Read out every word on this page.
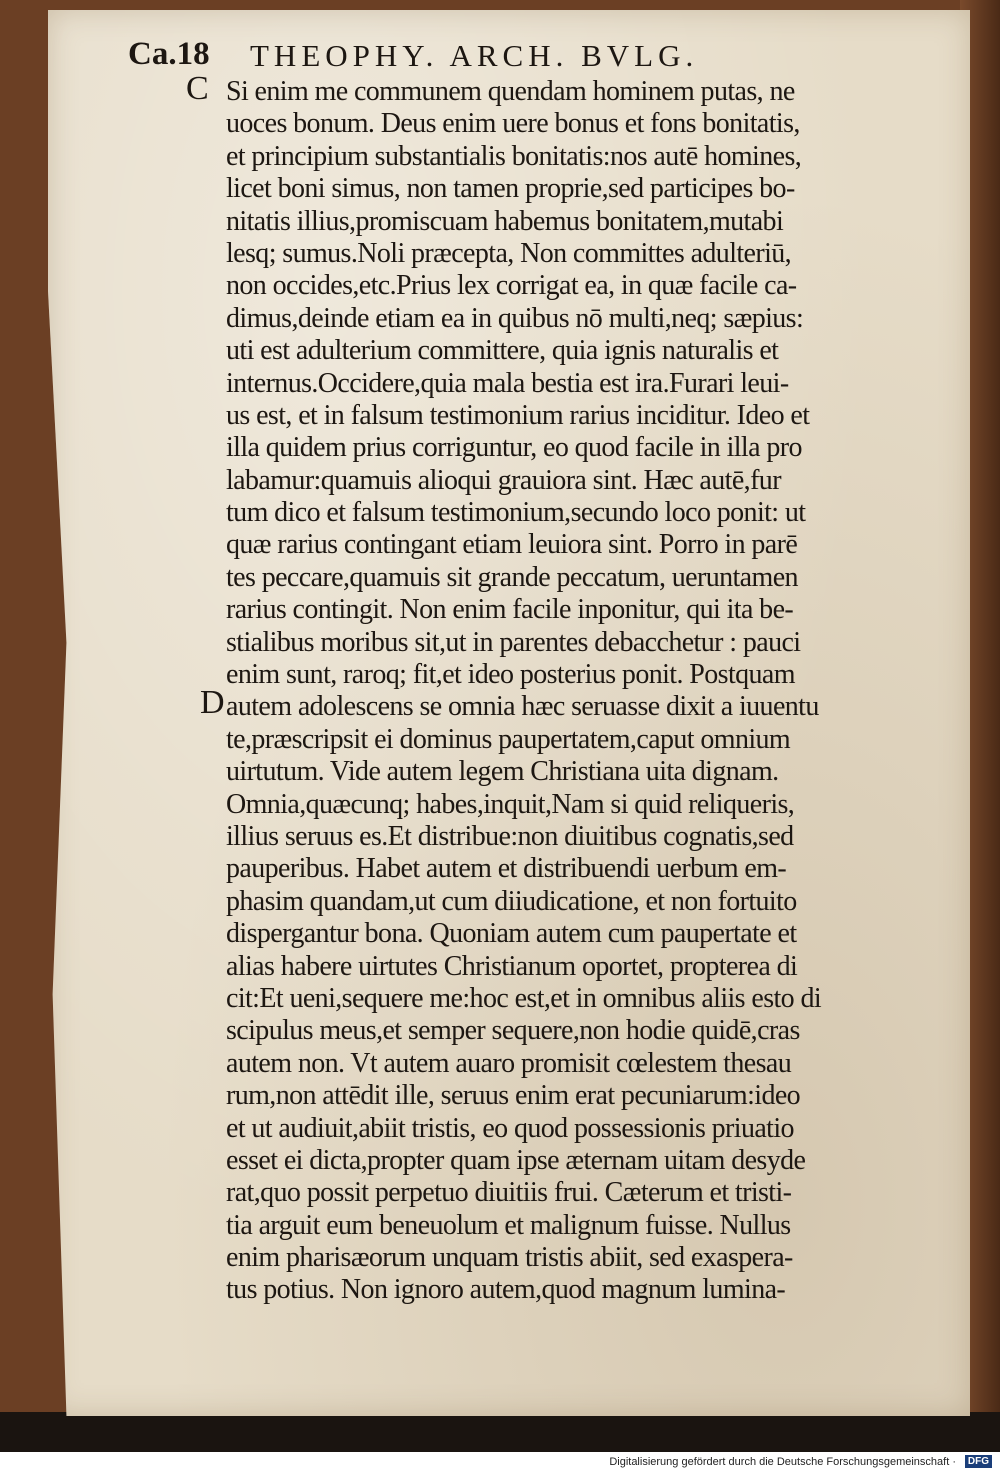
Ca.18 THEOPHY. ARCH. BVLG.
C
D
Si enim me communem quendam hominem putas, ne
uoces bonum. Deus enim uere bonus et fons bonitatis,
et principium substantialis bonitatis:nos autē homines,
licet boni simus, non tamen proprie,sed participes bo-
nitatis illius,promiscuam habemus bonitatem,mutabi
lesq; sumus.Noli præcepta, Non committes adulteriū,
non occides,etc.Prius lex corrigat ea, in quæ facile ca-
dimus,deinde etiam ea in quibus nō multi,neq; sæpius:
uti est adulterium committere, quia ignis naturalis et
internus.Occidere,quia mala bestia est ira.Furari leui-
us est, et in falsum testimonium rarius inciditur. Ideo et
illa quidem prius corriguntur, eo quod facile in illa pro
labamur:quamuis alioqui grauiora sint. Hæc autē,fur
tum dico et falsum testimonium,secundo loco ponit: ut
quæ rarius contingant etiam leuiora sint. Porro in parē
tes peccare,quamuis sit grande peccatum, ueruntamen
rarius contingit. Non enim facile inponitur, qui ita be-
stialibus moribus sit,ut in parentes debacchetur : pauci
enim sunt, raroq; fit,et ideo posterius ponit. Postquam
autem adolescens se omnia hæc seruasse dixit a iuuentu
te,præscripsit ei dominus paupertatem,caput omnium
uirtutum. Vide autem legem Christiana uita dignam.
Omnia,quæcunq; habes,inquit,Nam si quid reliqueris,
illius seruus es.Et distribue:non diuitibus cognatis,sed
pauperibus. Habet autem et distribuendi uerbum em-
phasim quandam,ut cum diiudicatione, et non fortuito
dispergantur bona. Quoniam autem cum paupertate et
alias habere uirtutes Christianum oportet, propterea di
cit:Et ueni,sequere me:hoc est,et in omnibus aliis esto di
scipulus meus,et semper sequere,non hodie quidē,cras
autem non. Vt autem auaro promisit cœlestem thesau
rum,non attēdit ille, seruus enim erat pecuniarum:ideo
et ut audiuit,abiit tristis, eo quod possessionis priuatio
esset ei dicta,propter quam ipse æternam uitam desyde
rat,quo possit perpetuo diuitiis frui. Cæterum et tristi-
tia arguit eum beneuolum et malignum fuisse. Nullus
enim pharisæorum unquam tristis abiit, sed exaspera-
tus potius. Non ignoro autem,quod magnum lumina-
Digitalisierung gefördert durch die Deutsche Forschungsgemeinschaft ·	DFG
